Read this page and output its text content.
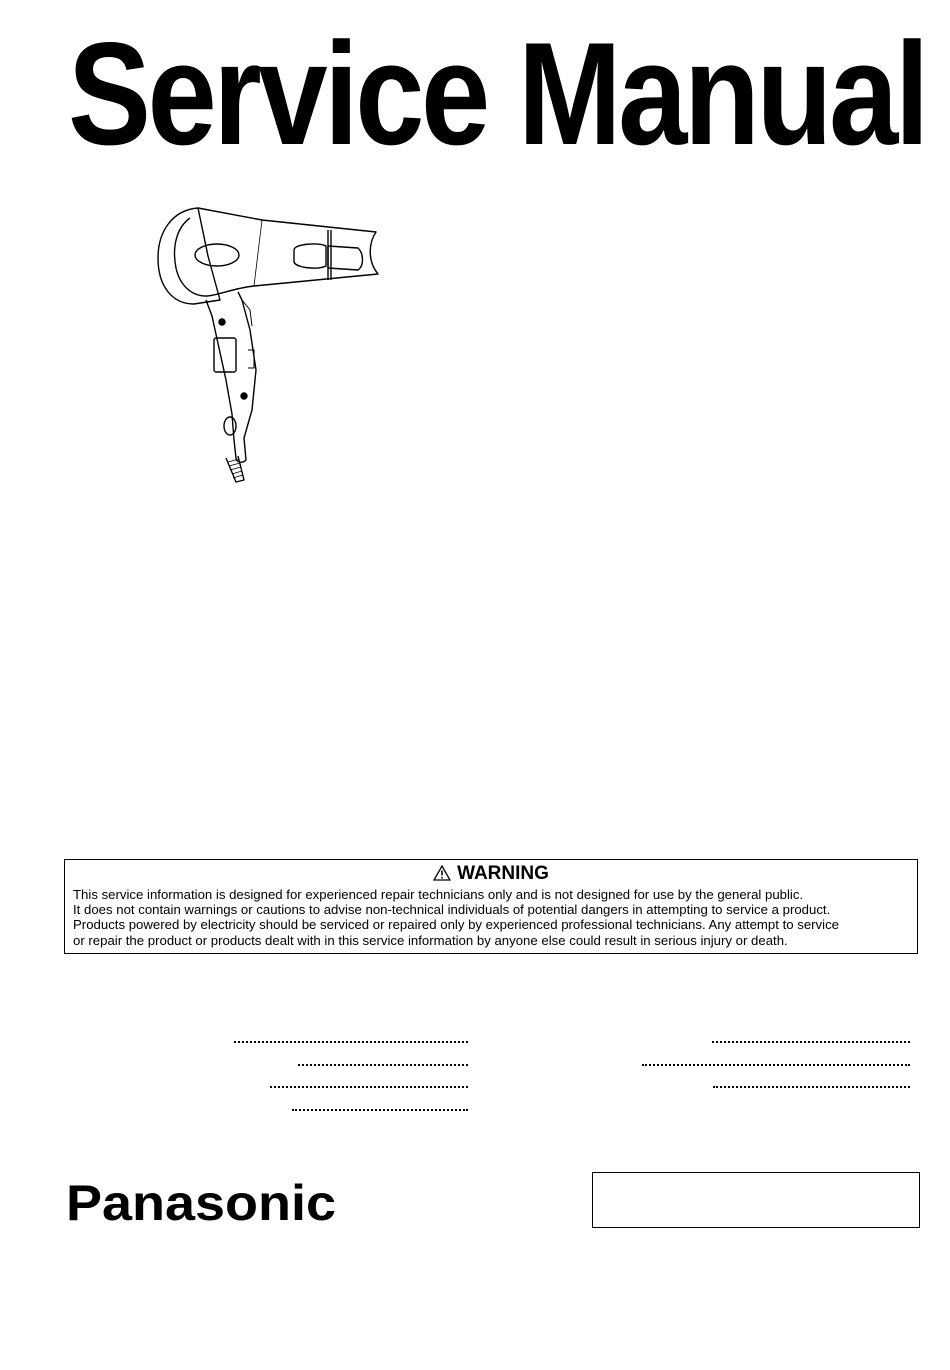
Service Manual
WARNING
This service information is designed for experienced repair technicians only and is not designed for use by the general public.
It does not contain warnings or cautions to advise non-technical individuals of potential dangers in attempting to service a product.
Products powered by electricity should be serviced or repaired only by experienced professional technicians. Any attempt to service
or repair the product or products dealt with in this service information by anyone else could result in serious injury or death.
Panasonic
